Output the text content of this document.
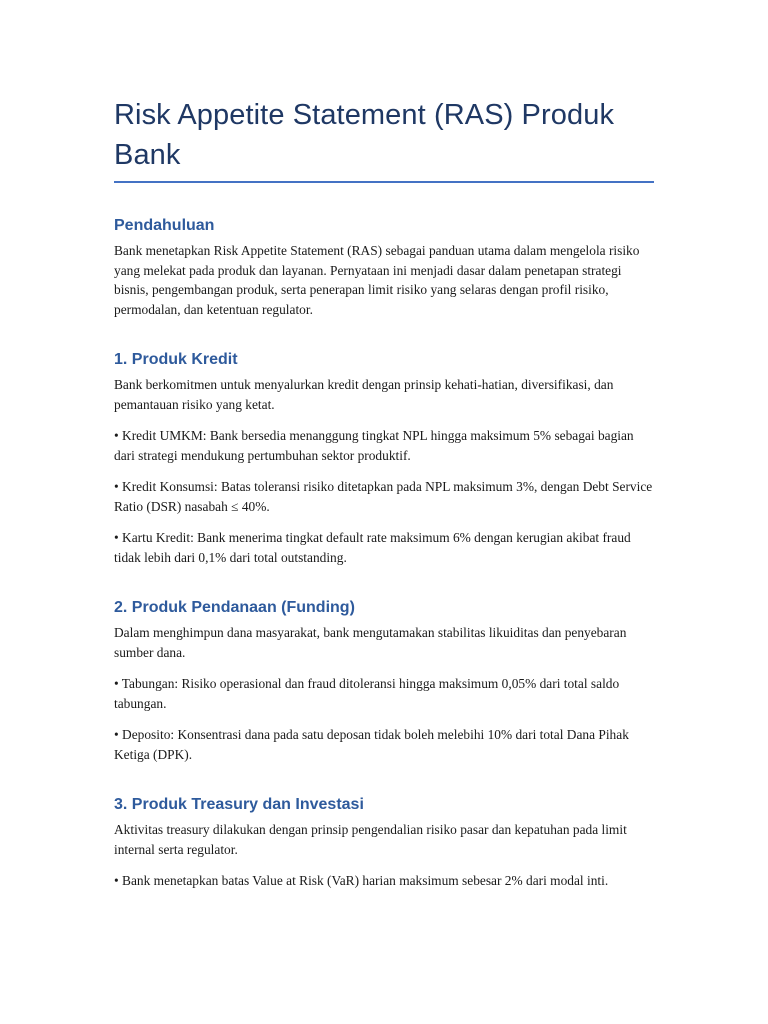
Risk Appetite Statement (RAS) Produk Bank
Pendahuluan

Bank menetapkan Risk Appetite Statement (RAS) sebagai panduan utama dalam mengelola risiko yang melekat pada produk dan layanan. Pernyataan ini menjadi dasar dalam penetapan strategi bisnis, pengembangan produk, serta penerapan limit risiko yang selaras dengan profil risiko, permodalan, dan ketentuan regulator.

1. Produk Kredit

Bank berkomitmen untuk menyalurkan kredit dengan prinsip kehati-hatian, diversifikasi, dan pemantauan risiko yang ketat.

• Kredit UMKM: Bank bersedia menanggung tingkat NPL hingga maksimum 5% sebagai bagian dari strategi mendukung pertumbuhan sektor produktif.

• Kredit Konsumsi: Batas toleransi risiko ditetapkan pada NPL maksimum 3%, dengan Debt Service Ratio (DSR) nasabah ≤ 40%.

• Kartu Kredit: Bank menerima tingkat default rate maksimum 6% dengan kerugian akibat fraud tidak lebih dari 0,1% dari total outstanding.

2. Produk Pendanaan (Funding)

Dalam menghimpun dana masyarakat, bank mengutamakan stabilitas likuiditas dan penyebaran sumber dana.

• Tabungan: Risiko operasional dan fraud ditoleransi hingga maksimum 0,05% dari total saldo tabungan.

• Deposito: Konsentrasi dana pada satu deposan tidak boleh melebihi 10% dari total Dana Pihak Ketiga (DPK).

3. Produk Treasury dan Investasi

Aktivitas treasury dilakukan dengan prinsip pengendalian risiko pasar dan kepatuhan pada limit internal serta regulator.

• Bank menetapkan batas Value at Risk (VaR) harian maksimum sebesar 2% dari modal inti.
